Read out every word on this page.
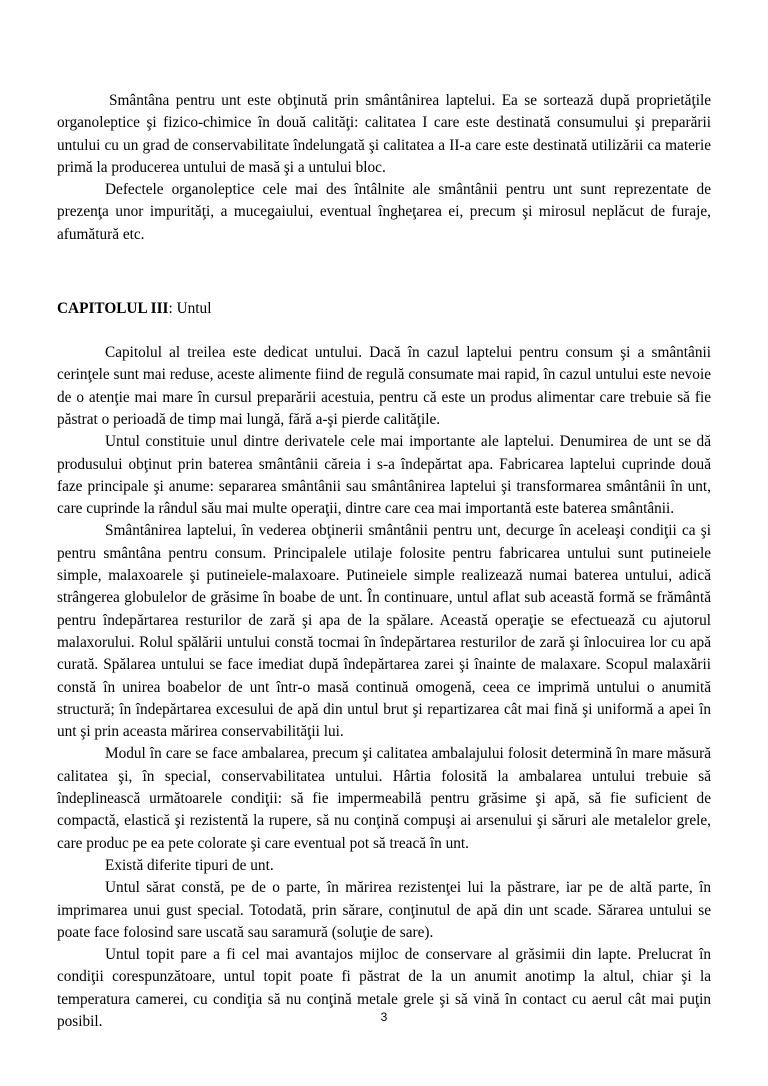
Smântâna pentru unt este obţinută prin smântânirea laptelui. Ea se sortează după proprietăţile organoleptice şi fizico-chimice în două calităţi: calitatea I care este destinată consumului şi preparării untului cu un grad de conservabilitate îndelungată şi calitatea a II-a care este destinată utilizării ca materie primă la producerea untului de masă şi a untului bloc.

Defectele organoleptice cele mai des întâlnite ale smântânii pentru unt sunt reprezentate de prezenţa unor impurităţi, a mucegaiului, eventual îngheţarea ei, precum şi mirosul neplăcut de furaje, afumătură etc.

CAPITOLUL III: Untul

Capitolul al treilea este dedicat untului. Dacă în cazul laptelui pentru consum şi a smântânii cerinţele sunt mai reduse, aceste alimente fiind de regulă consumate mai rapid, în cazul untului este nevoie de o atenţie mai mare în cursul preparării acestuia, pentru că este un produs alimentar care trebuie să fie păstrat o perioadă de timp mai lungă, fără a-şi pierde calităţile.

Untul constituie unul dintre derivatele cele mai importante ale laptelui. Denumirea de unt se dă produsului obţinut prin baterea smântânii căreia i s-a îndepărtat apa. Fabricarea laptelui cuprinde două faze principale şi anume: separarea smântânii sau smântânirea laptelui şi transformarea smântânii în unt, care cuprinde la rândul său mai multe operaţii, dintre care cea mai importantă este baterea smântânii.

Smântânirea laptelui, în vederea obţinerii smântânii pentru unt, decurge în aceleaşi condiţii ca şi pentru smântâna pentru consum. Principalele utilaje folosite pentru fabricarea untului sunt putineiele simple, malaxoarele şi putineiele-malaxoare. Putineiele simple realizează numai baterea untului, adică strângerea globulelor de grăsime în boabe de unt. În continuare, untul aflat sub această formă se frământă pentru îndepărtarea resturilor de zară şi apa de la spălare. Această operaţie se efectuează cu ajutorul malaxorului. Rolul spălării untului constă tocmai în îndepărtarea resturilor de zară şi înlocuirea lor cu apă curată. Spălarea untului se face imediat după îndepărtarea zarei şi înainte de malaxare. Scopul malaxării constă în unirea boabelor de unt într-o masă continuă omogenă, ceea ce imprimă untului o anumită structură; în îndepărtarea excesului de apă din untul brut şi repartizarea cât mai fină şi uniformă a apei în unt şi prin aceasta mărirea conservabilităţii lui.

Modul în care se face ambalarea, precum şi calitatea ambalajului folosit determină în mare măsură calitatea şi, în special, conservabilitatea untului. Hârtia folosită la ambalarea untului trebuie să îndeplinească următoarele condiţii: să fie impermeabilă pentru grăsime şi apă, să fie suficient de compactă, elastică şi rezistentă la rupere, să nu conţină compuşi ai arsenului şi săruri ale metalelor grele, care produc pe ea pete colorate şi care eventual pot să treacă în unt.

Există diferite tipuri de unt.

Untul sărat constă, pe de o parte, în mărirea rezistenţei lui la păstrare, iar pe de altă parte, în imprimarea unui gust special. Totodată, prin sărare, conţinutul de apă din unt scade. Sărarea untului se poate face folosind sare uscată sau saramură (soluţie de sare).

Untul topit pare a fi cel mai avantajos mijloc de conservare al grăsimii din lapte. Prelucrat în condiţii corespunzătoare, untul topit poate fi păstrat de la un anumit anotimp la altul, chiar şi la temperatura camerei, cu condiţia să nu conţină metale grele şi să vină în contact cu aerul cât mai puţin posibil.	3
